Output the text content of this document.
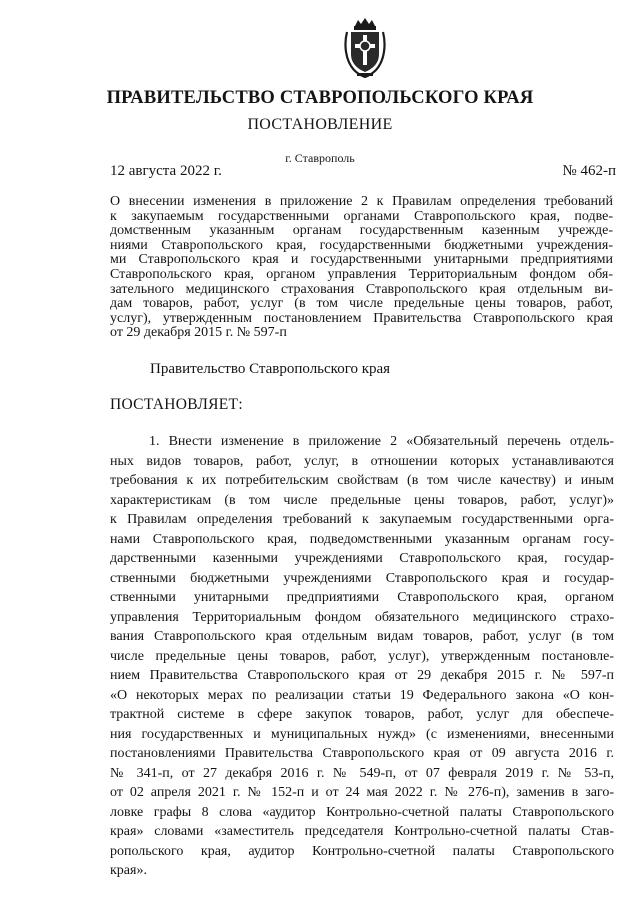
ПРАВИТЕЛЬСТВО СТАВРОПОЛЬСКОГО КРАЯ
ПОСТАНОВЛЕНИЕ
г. Ставрополь
12 августа 2022 г.	№ 462-п
О внесении изменения в приложение 2 к Правилам определения требований
к закупаемым государственными органами Ставропольского края, подве-
домственным указанным органам государственным казенным учрежде-
ниями Ставропольского края, государственными бюджетными учреждения-
ми Ставропольского края и государственными унитарными предприятиями
Ставропольского края, органом управления Территориальным фондом обя-
зательного медицинского страхования Ставропольского края отдельным ви-
дам товаров, работ, услуг (в том числе предельные цены товаров, работ,
услуг), утвержденным постановлением Правительства Ставропольского края
от 29 декабря 2015 г. № 597-п
Правительство Ставропольского края
ПОСТАНОВЛЯЕТ:
1. Внести изменение в приложение 2 «Обязательный перечень отдель-
ных видов товаров, работ, услуг, в отношении которых устанавливаются
требования к их потребительским свойствам (в том числе качеству) и иным
характеристикам (в том числе предельные цены товаров, работ, услуг)»
к Правилам определения требований к закупаемым государственными орга-
нами Ставропольского края, подведомственными указанным органам госу-
дарственными казенными учреждениями Ставропольского края, государ-
ственными бюджетными учреждениями Ставропольского края и государ-
ственными унитарными предприятиями Ставропольского края, органом
управления Территориальным фондом обязательного медицинского страхо-
вания Ставропольского края отдельным видам товаров, работ, услуг (в том
числе предельные цены товаров, работ, услуг), утвержденным постановле-
нием Правительства Ставропольского края от 29 декабря 2015 г. № 597-п
«О некоторых мерах по реализации статьи 19 Федерального закона «О кон-
трактной системе в сфере закупок товаров, работ, услуг для обеспече-
ния государственных и муниципальных нужд» (с изменениями, внесенными
постановлениями Правительства Ставропольского края от 09 августа 2016 г.
№ 341-п, от 27 декабря 2016 г. № 549-п, от 07 февраля 2019 г. № 53-п,
от 02 апреля 2021 г. № 152-п и от 24 мая 2022 г. № 276-п), заменив в заго-
ловке графы 8 слова «аудитор Контрольно-счетной палаты Ставропольского
края» словами «заместитель председателя Контрольно-счетной палаты Став-
ропольского края, аудитор Контрольно-счетной палаты Ставропольского
края».
